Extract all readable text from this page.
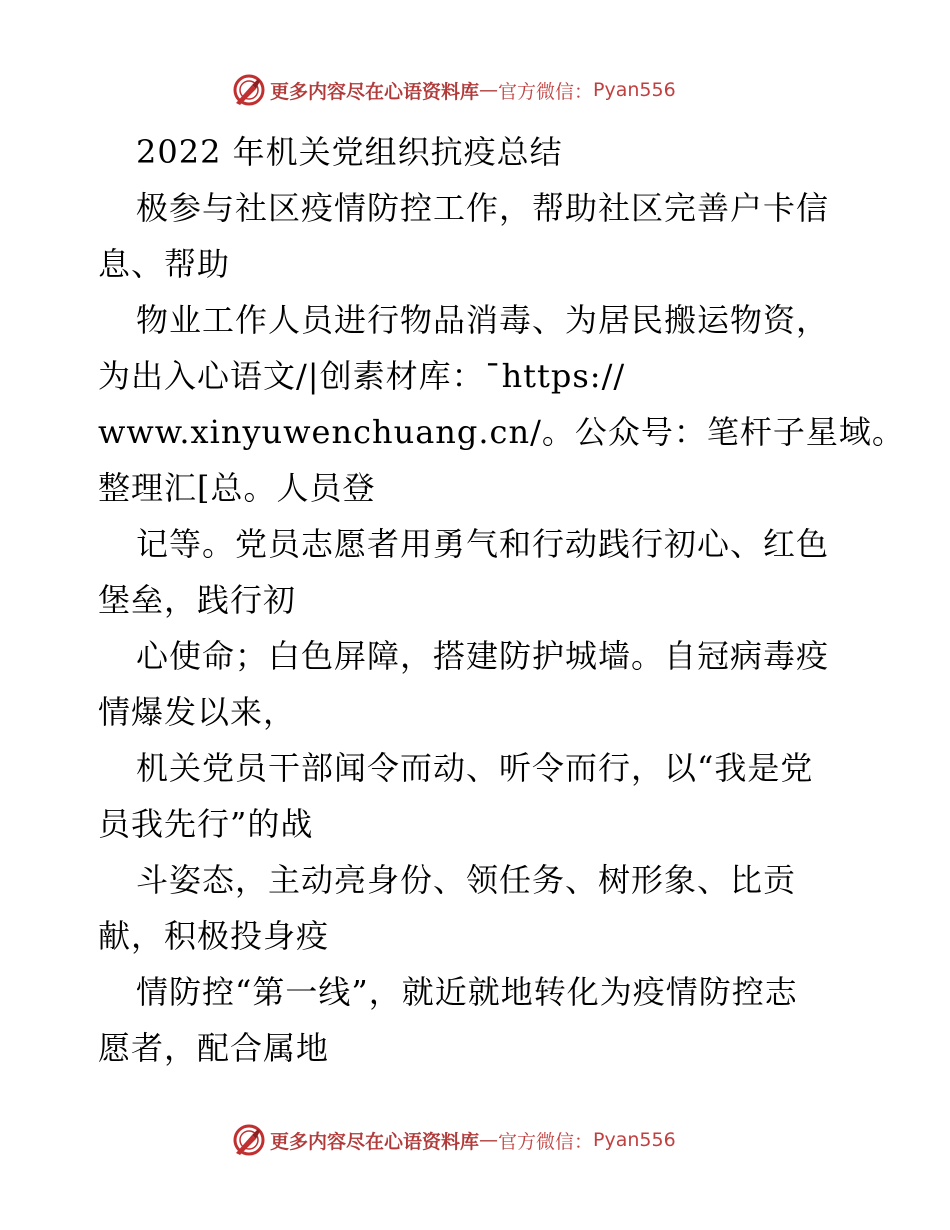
更多内容尽在心语资料库 — 官方微信： Pyan556
2022 年机关党组织抗疫总结
极参与社区疫情防控工作，帮助社区完善户卡信
息、帮助
物业工作人员进行物品消毒、为居民搬运物资，
为出入心语文/|创素材库：¯https://
www.xinyuwenchuang.cn/。公众号：笔杆子星域。
整理汇[总。人员登
记等。党员志愿者用勇气和行动践行初心、红色
堡垒，践行初
心使命；白色屏障，搭建防护城墙。自冠病毒疫
情爆发以来，
机关党员干部闻令而动、听令而行，以“我是党
员我先行”的战
斗姿态，主动亮身份、领任务、树形象、比贡
献，积极投身疫
情防控“第一线”，就近就地转化为疫情防控志
愿者，配合属地
更多内容尽在心语资料库 — 官方微信： Pyan556
